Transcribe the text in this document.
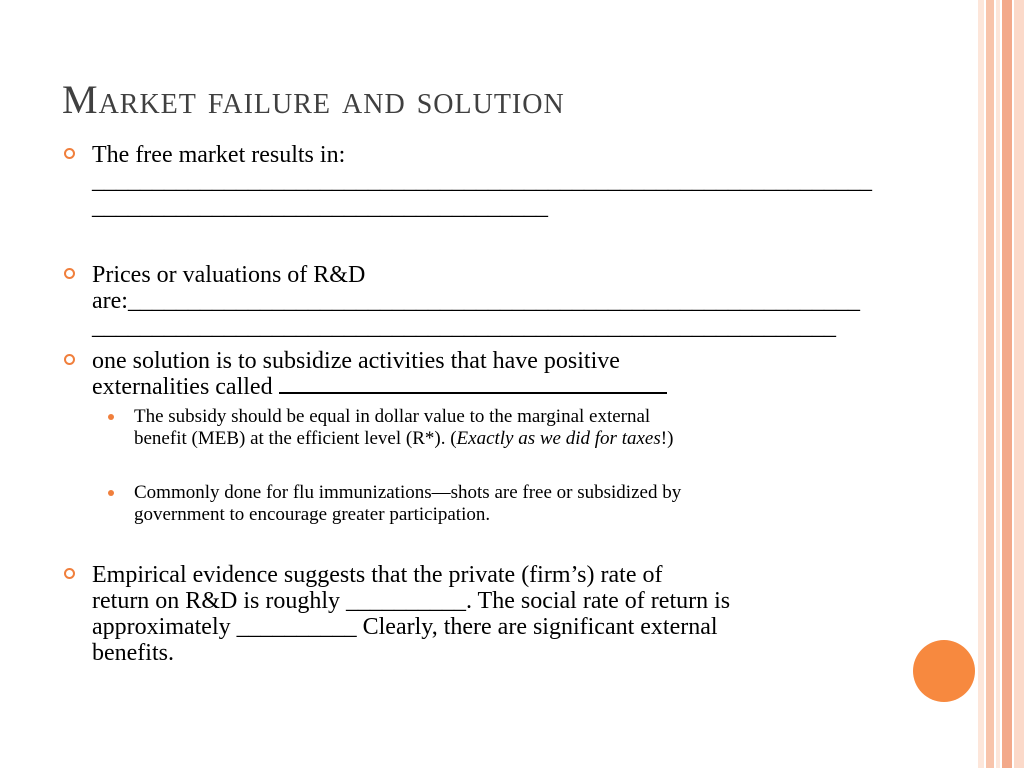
Market failure and solution

The free market results in:

_________________________________________________________________

______________________________________

Prices or valuations of R&D

are:_____________________________________________________________

______________________________________________________________

one solution is to subsidize activities that have positive

externalities called

The subsidy should be equal in dollar value to the marginal external

benefit (MEB) at the efficient level (R*). (Exactly as we did for taxes!)

Commonly done for flu immunizations—shots are free or subsidized by

government to encourage greater participation.

Empirical evidence suggests that the private (firm’s) rate of

return on R&D is roughly __________. The social rate of return is

approximately __________ Clearly, there are significant external

benefits.
